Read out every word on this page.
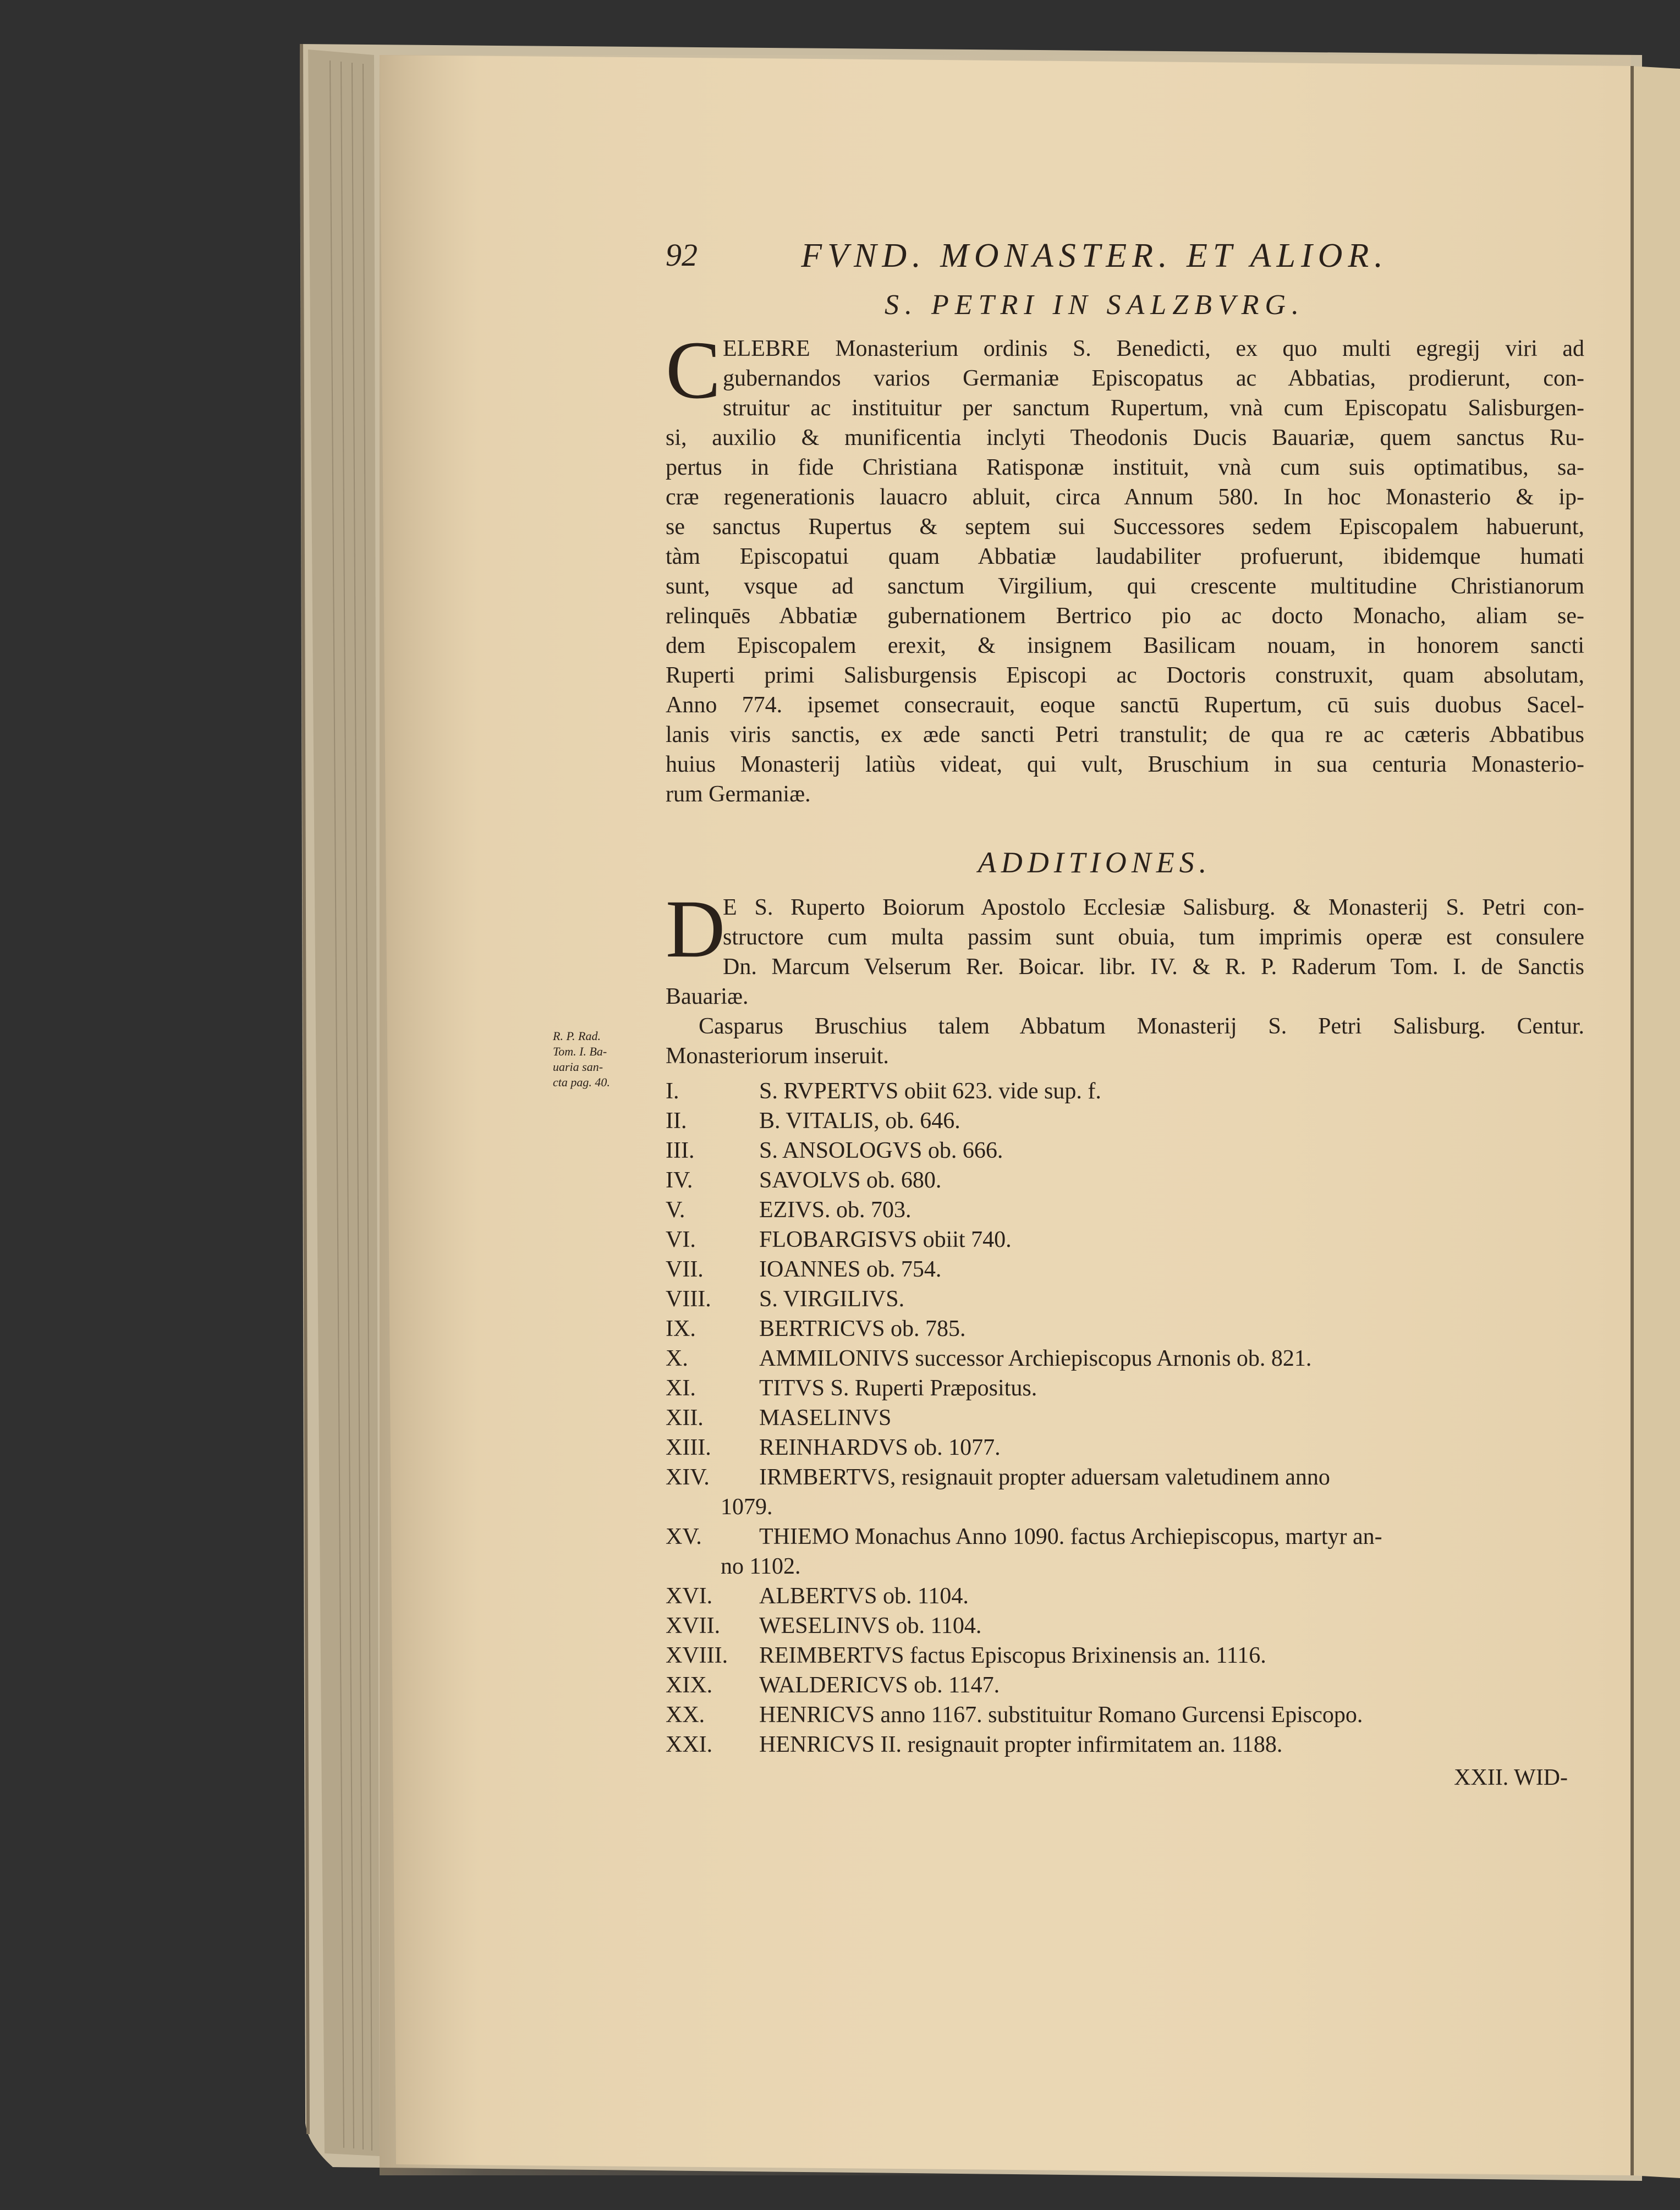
92	FVND. MONASTER. ET ALIOR.
S. PETRI IN SALZBVRG.
C ELEBRE Monasterium ordinis S. Benedicti, ex quo multi egregij viri ad
gubernandos varios Germaniæ Episcopatus ac Abbatias, prodierunt, con-
struitur ac instituitur per sanctum Rupertum, vnà cum Episcopatu Salisburgen-
si, auxilio & munificentia inclyti Theodonis Ducis Bauariæ, quem sanctus Ru-
pertus in fide Christiana Ratisponæ instituit, vnà cum suis optimatibus, sa-
cræ regenerationis lauacro abluit, circa Annum 580. In hoc Monasterio & ip-
se sanctus Rupertus & septem sui Successores sedem Episcopalem habuerunt,
tàm Episcopatui quam Abbatiæ laudabiliter profuerunt, ibidemque humati
sunt, vsque ad sanctum Virgilium, qui crescente multitudine Christianorum
relinquēs Abbatiæ gubernationem Bertrico pio ac docto Monacho, aliam se-
dem Episcopalem erexit, & insignem Basilicam nouam, in honorem sancti
Ruperti primi Salisburgensis Episcopi ac Doctoris construxit, quam absolutam,
Anno 774. ipsemet consecrauit, eoque sanctū Rupertum, cū suis duobus Sacel-
lanis viris sanctis, ex æde sancti Petri transtulit; de qua re ac cæteris Abbatibus
huius Monasterij latiùs videat, qui vult, Bruschium in sua centuria Monasterio-
rum Germaniæ.
ADDITIONES.
D
E S. Ruperto Boiorum Apostolo Ecclesiæ Salisburg. & Monasterij S. Petri con-
structore cum multa passim sunt obuia, tum imprimis operæ est consulere
Dn. Marcum Velserum Rer. Boicar. libr. IV. & R. P. Raderum Tom. I. de Sanctis
Bauariæ.
Casparus Bruschius talem Abbatum Monasterij S. Petri Salisburg. Centur.
Monasteriorum inseruit.
I.	S. RVPERTVS obiit 623. vide sup. f.
II.	B. VITALIS, ob. 646.
III.	S. ANSOLOGVS ob. 666.
IV.	SAVOLVS ob. 680.
V.	EZIVS. ob. 703.
VI.	FLOBARGISVS obiit 740.
VII.	IOANNES ob. 754.
VIII.	S. VIRGILIVS.
IX.	BERTRICVS ob. 785.
X.	AMMILONIVS successor Archiepiscopus Arnonis ob. 821.
XI.	TITVS S. Ruperti Præpositus.
XII.	MASELINVS
XIII.	REINHARDVS ob. 1077.
XIV.	IRMBERTVS, resignauit propter aduersam valetudinem anno
1079.
XV.	THIEMO Monachus Anno 1090. factus Archiepiscopus, martyr an-
no 1102.
XVI.	ALBERTVS ob. 1104.
XVII.	WESELINVS ob. 1104.
XVIII.	REIMBERTVS factus Episcopus Brixinensis an. 1116.
XIX.	WALDERICVS ob. 1147.
XX.	HENRICVS anno 1167. substituitur Romano Gurcensi Episcopo.
XXI.	HENRICVS II. resignauit propter infirmitatem an. 1188.
XXII. WID-
R. P. Rad.
Tom. I. Ba-
uaria san-
cta pag. 40.
